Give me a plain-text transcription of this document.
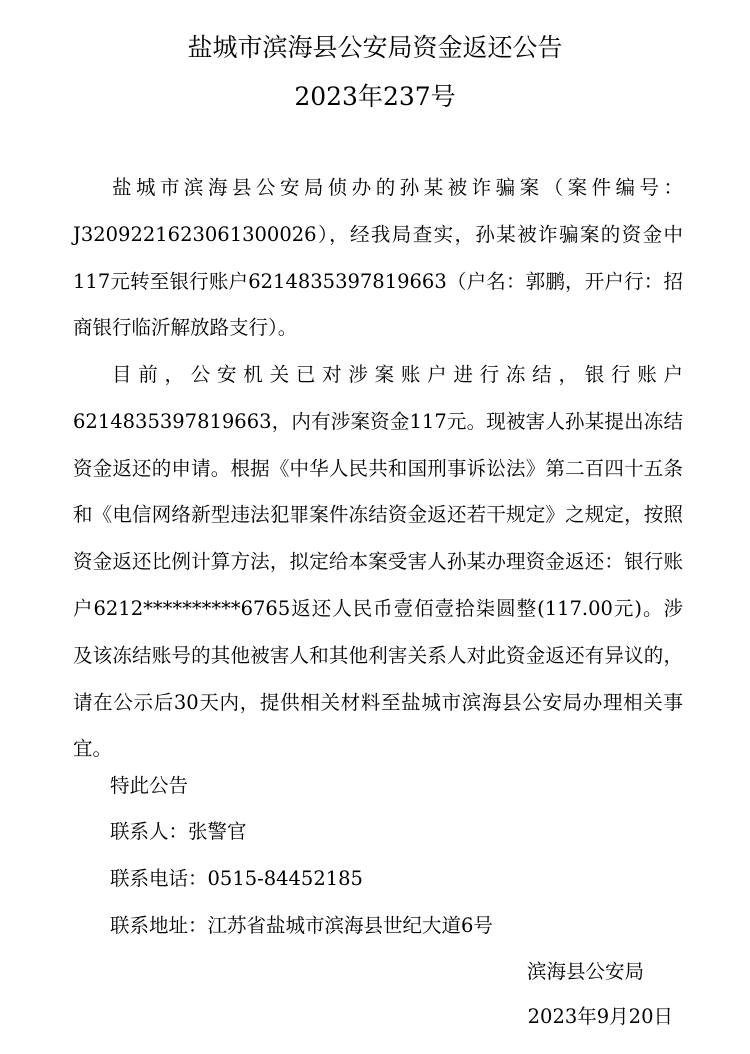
盐城市滨海县公安局资金返还公告
2023年237号

盐城市滨海县公安局侦办的孙某被诈骗案（案件编号：J3209221623061300026），经我局查实，孙某被诈骗案的资金中117元转至银行账户6214835397819663（户名：郭鹏，开户行：招商银行临沂解放路支行）。

目前，公安机关已对涉案账户进行冻结，银行账户6214835397819663，内有涉案资金117元。现被害人孙某提出冻结资金返还的申请。根据《中华人民共和国刑事诉讼法》第二百四十五条和《电信网络新型违法犯罪案件冻结资金返还若干规定》之规定，按照资金返还比例计算方法，拟定给本案受害人孙某办理资金返还：银行账户6212**********6765返还人民币壹佰壹拾柒圆整(117.00元)。涉及该冻结账号的其他被害人和其他利害关系人对此资金返还有异议的，请在公示后30天内，提供相关材料至盐城市滨海县公安局办理相关事宜。

特此公告
联系人：张警官
联系电话：0515-84452185
联系地址：江苏省盐城市滨海县世纪大道6号
滨海县公安局
2023年9月20日
